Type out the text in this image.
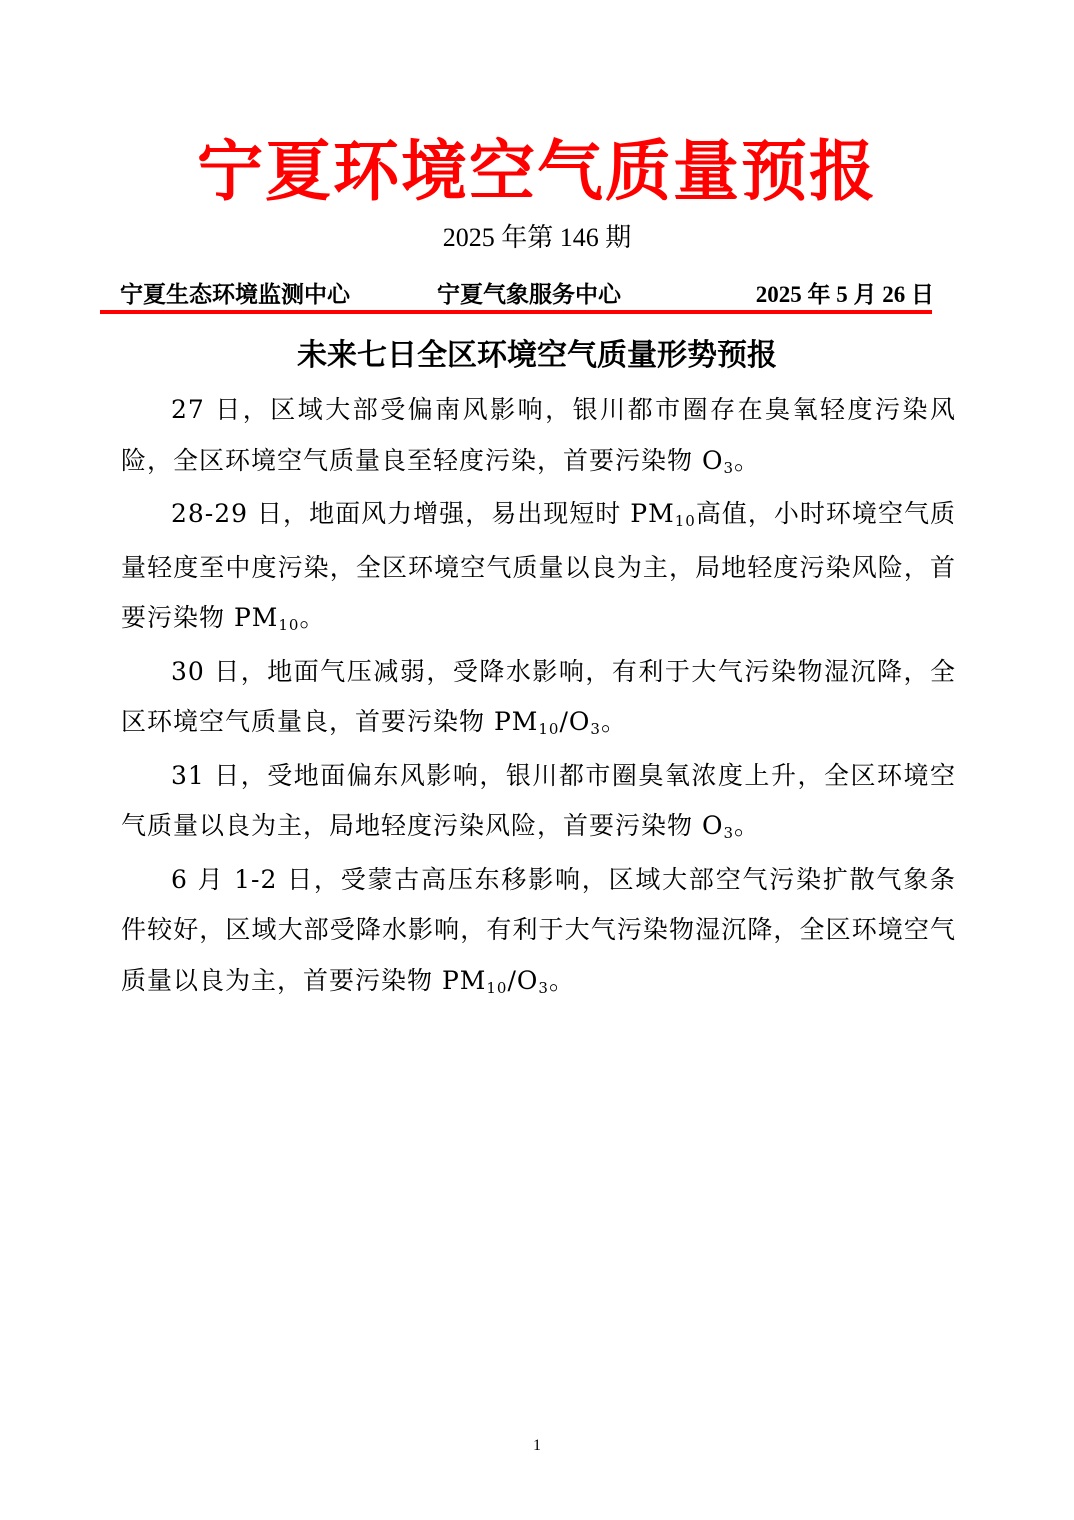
宁夏环境空气质量预报
2025 年第 146 期
宁夏生态环境监测中心	宁夏气象服务中心	2025 年 5 月 26 日
未来七日全区环境空气质量形势预报

27 日，区域大部受偏南风影响，银川都市圈存在臭氧轻度污染风险，全区环境空气质量良至轻度污染，首要污染物 $O_3$。

28-29 日，地面风力增强，易出现短时 $PM_{10}$高值，小时环境空气质量轻度至中度污染，全区环境空气质量以良为主，局地轻度污染风险，首要污染物 $PM_{10}$。

30 日，地面气压减弱，受降水影响，有利于大气污染物湿沉降，全区环境空气质量良，首要污染物 $PM_{10}/O_3$。

31 日，受地面偏东风影响，银川都市圈臭氧浓度上升，全区环境空气质量以良为主，局地轻度污染风险，首要污染物 $O_3$。

6 月 1-2 日，受蒙古高压东移影响，区域大部空气污染扩散气象条件较好，区域大部受降水影响，有利于大气污染物湿沉降，全区环境空气质量以良为主，首要污染物 $PM_{10}/O_3$。

1
